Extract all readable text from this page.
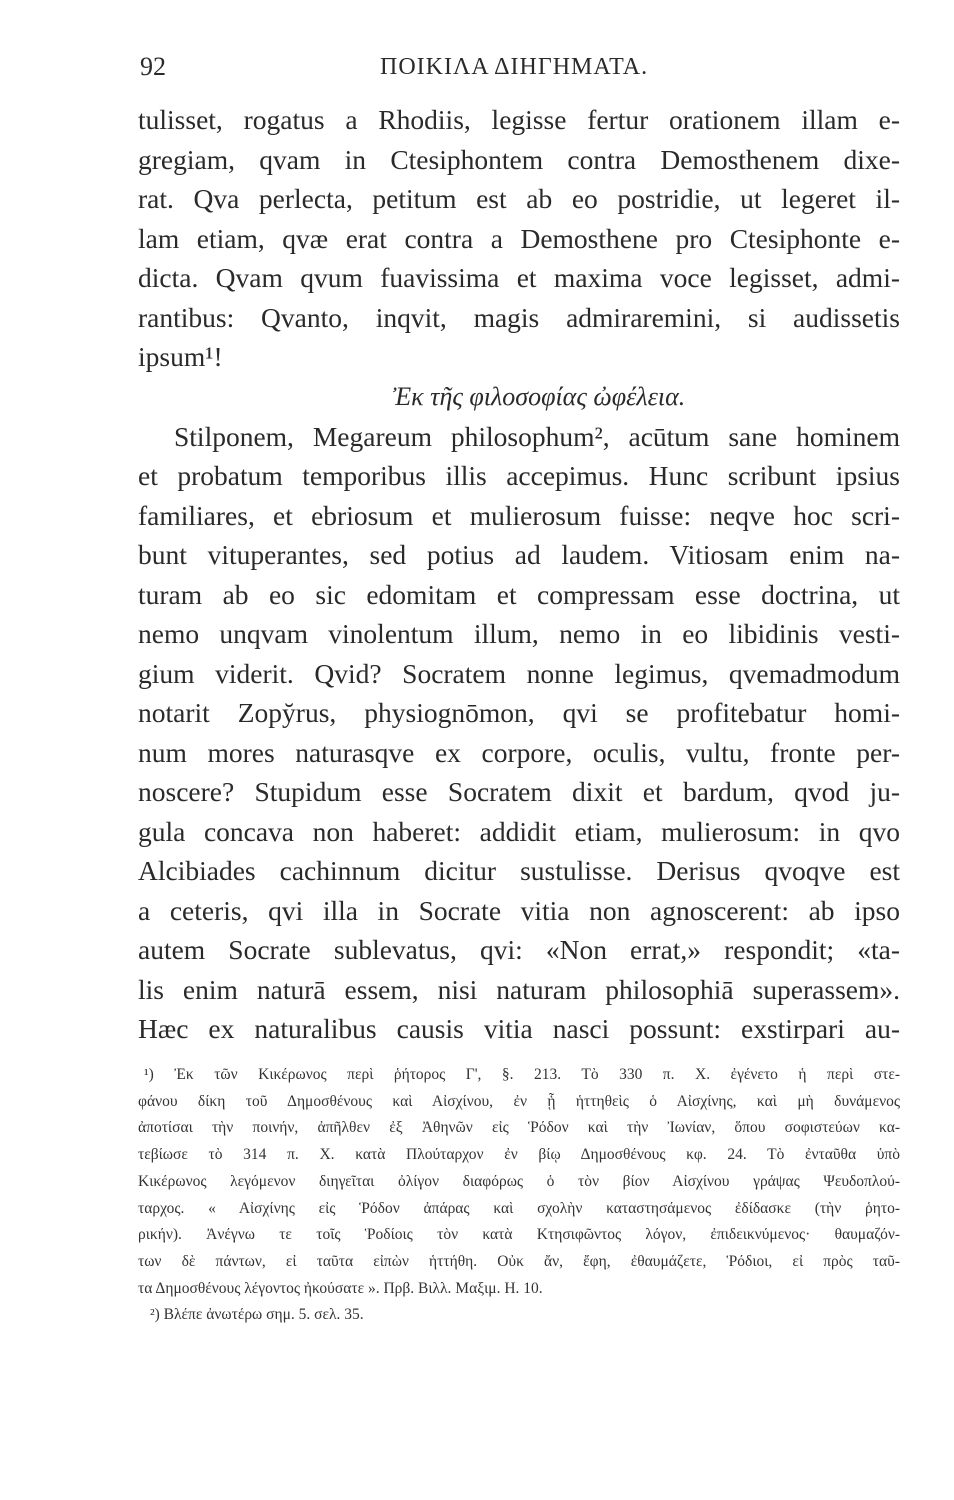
92	ΠΟΙΚΙΛΑ ΔΙΗΓΗΜΑΤΑ.
tulisset, rogatus a Rhodiis, legisse fertur orationem illam e-
gregiam, qvam in Ctesiphontem contra Demosthenem dixe-
rat. Qva perlecta, petitum est ab eo postridie, ut legeret il-
lam etiam, qvæ erat contra a Demosthene pro Ctesiphonte e-
dicta. Qvam qvum fuavissima et maxima voce legisset, admi-
rantibus: Qvanto, inqvit, magis admiraremini, si audissetis
ipsum¹!
Ἐκ τῆς φιλοσοφίας ὠφέλεια.
Stilponem, Megareum philosophum², acūtum sane hominem
et probatum temporibus illis accepimus. Hunc scribunt ipsius
familiares, et ebriosum et mulierosum fuisse: neqve hoc scri-
bunt vituperantes, sed potius ad laudem. Vitiosam enim na-
turam ab eo sic edomitam et compressam esse doctrina, ut
nemo unqvam vinolentum illum, nemo in eo libidinis vesti-
gium viderit. Qvid? Socratem nonne legimus, qvemadmodum
notarit Zopy̆rus, physiognōmon, qvi se profitebatur homi-
num mores naturasqve ex corpore, oculis, vultu, fronte per-
noscere? Stupidum esse Socratem dixit et bardum, qvod ju-
gula concava non haberet: addidit etiam, mulierosum: in qvo
Alcibiades cachinnum dicitur sustulisse. Derisus qvoqve est
a ceteris, qvi illa in Socrate vitia non agnoscerent: ab ipso
autem Socrate sublevatus, qvi: «Non errat,» respondit; «ta-
lis enim naturā essem, nisi naturam philosophiā superassem».
Hæc ex naturalibus causis vitia nasci possunt: exstirpari au-
¹) Ἐκ τῶν Κικέρωνος περὶ ῥήτορος Γ', §. 213. Τὸ 330 π. Χ. ἐγένετο ἡ περὶ στε-
φάνου δίκη τοῦ Δημοσθένους καὶ Αἰσχίνου, ἐν ᾗ ἡττηθεὶς ὁ Αἰσχίνης, καὶ μὴ δυνάμενος
ἀποτίσαι τὴν ποινήν, ἀπῆλθεν ἐξ Ἀθηνῶν εἰς Ῥόδον καὶ τὴν Ἰωνίαν, ὅπου σοφιστεύων κα-
τεβίωσε τὸ 314 π. Χ. κατὰ Πλούταρχον ἐν βίῳ Δημοσθένους κφ. 24. Τὸ ἐνταῦθα ὑπὸ
Κικέρωνος λεγόμενον διηγεῖται ὀλίγον διαφόρως ὁ τὸν βίον Αἰσχίνου γράψας Ψευδοπλού-
ταρχος. « Αἰσχίνης εἰς Ῥόδον ἀπάρας καὶ σχολὴν καταστησάμενος ἐδίδασκε (τὴν ῥητο-
ρικήν). Ἀνέγνω τε τοῖς Ῥοδίοις τὸν κατὰ Κτησιφῶντος λόγον, ἐπιδεικνύμενος· θαυμαζόν-
των δὲ πάντων, εἰ ταῦτα εἰπὼν ἡττήθη. Οὐκ ἄν, ἔφη, ἐθαυμάζετε, Ῥόδιοι, εἰ πρὸς ταῦ-
τα Δημοσθένους λέγοντος ἠκούσατε ». Πρβ. Βιλλ. Μαξιμ. Η. 10.
²) Βλέπε ἀνωτέρω σημ. 5. σελ. 35.
